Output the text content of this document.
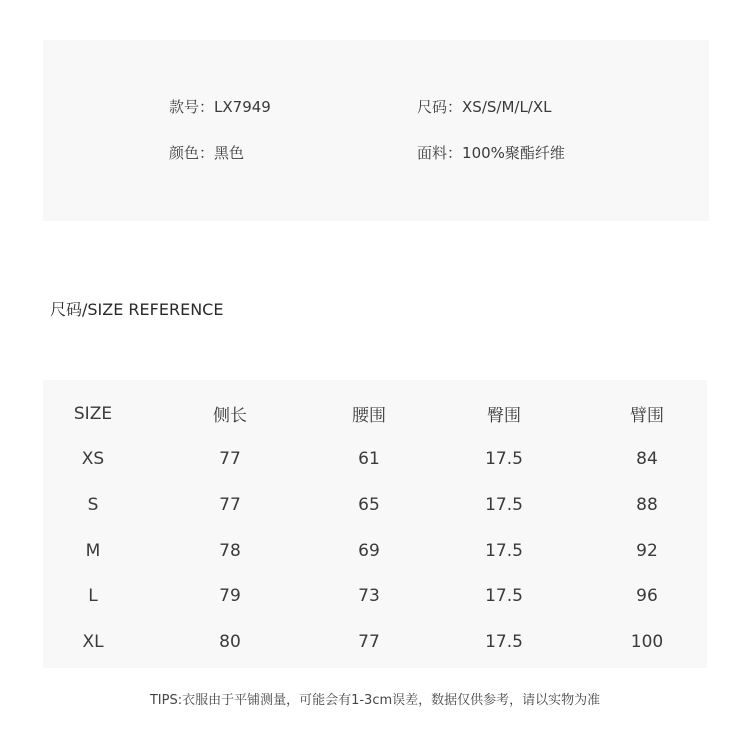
款号：LX7949	尺码：XS/S/M/L/XL
颜色：黑色	面料：100%聚酯纤维
尺码/SIZE REFERENCE
SIZE	侧长	腰围	臀围	臂围
XS	77	61	17.5	84
S	77	65	17.5	88
M	78	69	17.5	92
L	79	73	17.5	96
XL	80	77	17.5	100
TIPS:衣服由于平铺测量，可能会有1-3cm误差，数据仅供参考，请以实物为准
